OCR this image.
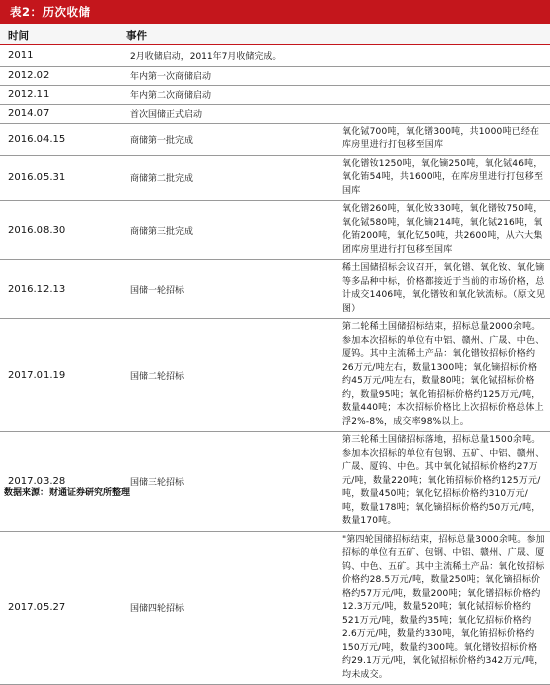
表2：历次收储
时间	事件
2011	2月收储启动，2011年7月收储完成。	
2012.02	年内第一次商储启动	
2012.11	年内第二次商储启动	
2014.07	首次国储正式启动	
2016.04.15	商储第一批完成	氧化铽700吨，氧化镨300吨，共1000吨已经在库房里进行打包移至国库
2016.05.31	商储第二批完成	氧化镨钕1250吨，氧化镝250吨，氧化铽46吨，氧化铕54吨，共1600吨，在库房里进行打包移至国库
2016.08.30	商储第三批完成	氧化镨260吨，氧化钕330吨，氧化镨钕750吨，氧化铽580吨，氧化镝214吨，氧化铽216吨，氧化铕200吨，氧化钇50吨，共2600吨，从六大集团库房里进行打包移至国库
2016.12.13	国储一轮招标	稀土国储招标会议召开，氧化镨、氧化钕、氧化镝等多品种中标，价格都接近于当前的市场价格，总计成交1406吨，氧化镨钕和氧化钬流标。（原文见图）
2017.01.19	国储二轮招标	第二轮稀土国储招标结束，招标总量2000余吨。参加本次招标的单位有中铝、赣州、广晟、中色、厦钨。其中主流稀土产品：氧化镨钕招标价格约26万元/吨左右，数量1300吨；氧化镝招标价格约45万元/吨左右，数量80吨；氧化铽招标价格约，数量95吨；氧化铕招标价格约125万元/吨，数量440吨；本次招标价格比上次招标价格总体上浮2%-8%，成交率98%以上。
2017.03.28	国储三轮招标	第三轮稀土国储招标落地，招标总量1500余吨。参加本次招标的单位有包钢、五矿、中铝、赣州、广晟、厦钨、中色。其中氧化铽招标价格约27万元/吨，数量220吨；氧化铕招标价格约125万元/吨，数量450吨；氧化钇招标价格约310万元/吨，数量178吨；氧化镝招标价格约50万元/吨，数量170吨。
2017.05.27	国储四轮招标	"第四轮国储招标结束，招标总量3000余吨。参加招标的单位有五矿、包钢、中铝、赣州、广晟、厦钨、中色、五矿。其中主流稀土产品：氧化钕招标价格约28.5万元/吨，数量250吨；氧化镝招标价格约57万元/吨，数量200吨；氧化镨招标价格约12.3万元/吨，数量520吨；氧化铽招标价格约521万元/吨，数量约35吨；氧化钇招标价格约2.6万元/吨，数量约330吨，氧化铕招标价格约150万元/吨，数量约300吨。氧化镨钕招标价格约29.1万元/吨，氧化铽招标价格约342万元/吨，均未成交。
数据来源：财通证券研究所整理
